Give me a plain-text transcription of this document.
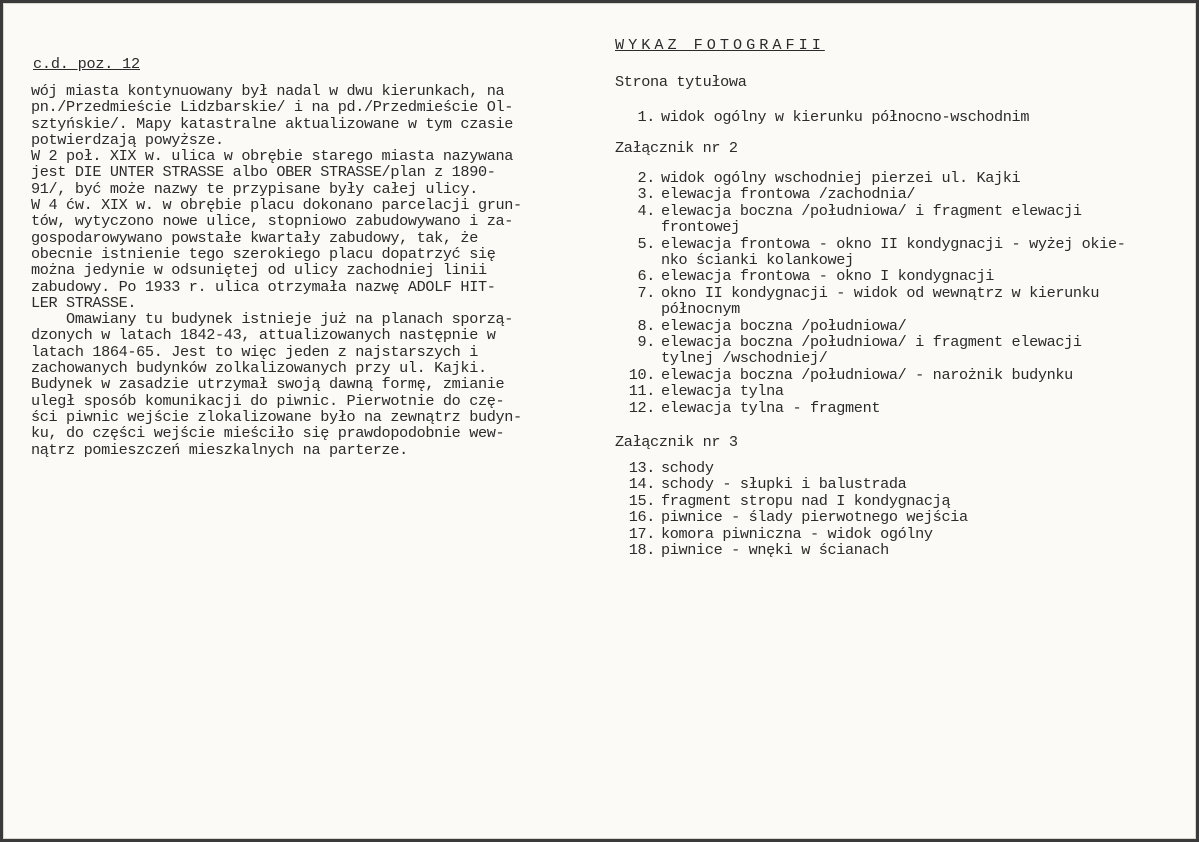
c.d. poz. 12
wój miasta kontynuowany był nadal w dwu kierunkach, na
pn./Przedmieście Lidzbarskie/ i na pd./Przedmieście Ol-
sztyńskie/. Mapy katastralne aktualizowane w tym czasie
potwierdzają powyższe.
W 2 poł. XIX w. ulica w obrębie starego miasta nazywana
jest DIE UNTER STRASSE albo OBER STRASSE/plan z 1890-
91/, być może nazwy te przypisane były całej ulicy.
W 4 ćw. XIX w. w obrębie placu dokonano parcelacji grun-
tów, wytyczono nowe ulice, stopniowo zabudowywano i za-
gospodarowywano powstałe kwartały zabudowy, tak, że
obecnie istnienie tego szerokiego placu dopatrzyć się
można jedynie w odsuniętej od ulicy zachodniej linii
zabudowy. Po 1933 r. ulica otrzymała nazwę ADOLF HIT-
LER STRASSE.
Omawiany tu budynek istnieje już na planach sporzą-
dzonych w latach 1842-43, attualizowanych następnie w
latach 1864-65. Jest to więc jeden z najstarszych i
zachowanych budynków zolkalizowanych przy ul. Kajki.
Budynek w zasadzie utrzymał swoją dawną formę, zmianie
uległ sposób komunikacji do piwnic. Pierwotnie do czę-
ści piwnic wejście zlokalizowane było na zewnątrz budyn-
ku, do części wejście mieściło się prawdopodobnie wew-
nątrz pomieszczeń mieszkalnych na parterze.
WYKAZ FOTOGRAFII
Strona tytułowa
1. widok ogólny w kierunku północno-wschodnim
Załącznik nr 2
2. widok ogólny wschodniej pierzei ul. Kajki
3. elewacja frontowa /zachodnia/
4. elewacja boczna /południowa/ i fragment elewacji
frontowej
5. elewacja frontowa - okno II kondygnacji - wyżej okie-
nko ścianki kolankowej
6. elewacja frontowa - okno I kondygnacji
7. okno II kondygnacji - widok od wewnątrz w kierunku
północnym
8. elewacja boczna /południowa/
9. elewacja boczna /południowa/ i fragment elewacji
tylnej /wschodniej/
10. elewacja boczna /południowa/ - narożnik budynku
11. elewacja tylna
12. elewacja tylna - fragment
Załącznik nr 3
13. schody
14. schody - słupki i balustrada
15. fragment stropu nad I kondygnacją
16. piwnice - ślady pierwotnego wejścia
17. komora piwniczna - widok ogólny
18. piwnice - wnęki w ścianach
